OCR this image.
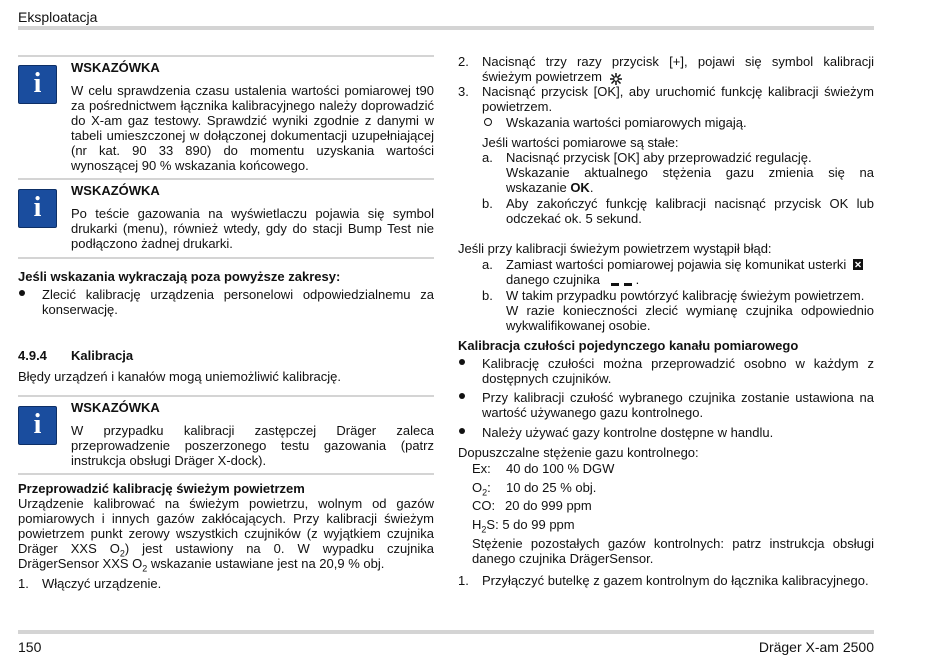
Eksploatacja
i
WSKAZÓWKA
W celu sprawdzenia czasu ustalenia wartości pomiarowej t90 za pośrednictwem łącznika kalibracyjnego należy doprowadzić do X-am gaz testowy. Sprawdzić wyniki zgodnie z danymi w tabeli umieszczonej w dołączonej dokumentacji uzupełniającej (nr kat. 90 33 890) do momentu uzyskania wartości wynoszącej 90 % wskazania końcowego.
i
WSKAZÓWKA
Po teście gazowania na wyświetlaczu pojawia się symbol drukarki (menu), również wtedy, gdy do stacji Bump Test nie podłączono żadnej drukarki.
Jeśli wskazania wykraczają poza powyższe zakresy:
Zlecić kalibrację urządzenia personelowi odpowiedzialnemu za konserwację.
4.9.4 Kalibracja
Błędy urządzeń i kanałów mogą uniemożliwić kalibrację.
i
WSKAZÓWKA
W przypadku kalibracji zastępczej Dräger zaleca przeprowadzenie poszerzonego testu gazowania (patrz instrukcja obsługi Dräger X-dock).
Przeprowadzić kalibrację świeżym powietrzem
Urządzenie kalibrować na świeżym powietrzu, wolnym od gazów pomiarowych i innych gazów zakłócających. Przy kalibracji świeżym powietrzem punkt zerowy wszystkich czujników (z wyjątkiem czujnika Dräger XXS $O_2$) jest ustawiony na 0. W wypadku czujnika DrägerSensor XXS $O_2$ wskazanie ustawiane jest na 20,9 % obj.
1. Włączyć urządzenie.
2. Nacisnąć trzy razy przycisk [+], pojawi się symbol kalibracji
świeżym powietrzem
3. Nacisnąć przycisk [OK], aby uruchomić funkcję kalibracji świeżym
powietrzem.
Wskazania wartości pomiarowych migają.
Jeśli wartości pomiarowe są stałe:
a. Nacisnąć przycisk [OK] aby przeprowadzić regulację.
Wskazanie aktualnego stężenia gazu zmienia się na
wskazanie OK.
b. Aby zakończyć funkcję kalibracji nacisnąć przycisk OK lub
odczekać ok. 5 sekund.
Jeśli przy kalibracji świeżym powietrzem wystąpił błąd:
a. Zamiast wartości pomiarowej pojawia się komunikat usterki
danego czujnika	.
b. W takim przypadku powtórzyć kalibrację świeżym powietrzem.
W razie konieczności zlecić wymianę czujnika odpowiednio
wykwalifikowanej osobie.
Kalibracja czułości pojedynczego kanału pomiarowego
Kalibrację czułości można przeprowadzić osobno w każdym z dostępnych czujników.
Przy kalibracji czułość wybranego czujnika zostanie ustawiona na wartość używanego gazu kontrolnego.
Należy używać gazy kontrolne dostępne w handlu.
Dopuszczalne stężenie gazu kontrolnego:
Ex: 40 do 100 % DGW
$O_2$: 10 do 25 % obj.
CO: 20 do 999 ppm
$H_2S$: 5 do 99 ppm
Stężenie pozostałych gazów kontrolnych: patrz instrukcja obsługi danego czujnika DrägerSensor.
1. Przyłączyć butelkę z gazem kontrolnym do łącznika kalibracyjnego.
150	Dräger X-am 2500
